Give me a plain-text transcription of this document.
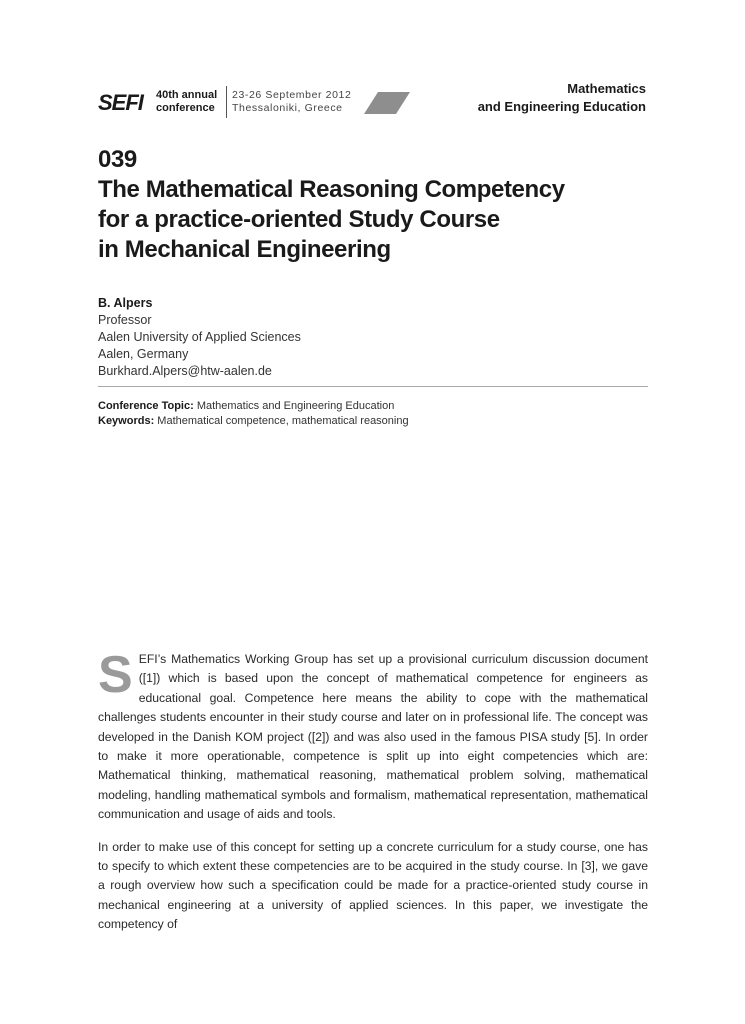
SEFI 40th annual
conference
23-26 September 2012
Thessaloniki, Greece
Mathematics
and Engineering Education
039
The Mathematical Reasoning Competency
for a practice-oriented Study Course
in Mechanical Engineering
B. Alpers
Professor
Aalen University of Applied Sciences
Aalen, Germany
Burkhard.Alpers@htw-aalen.de
Conference Topic: Mathematics and Engineering Education
Keywords: Mathematical competence, mathematical reasoning

SEFI’s Mathematics Working Group has set up a provisional curriculum discussion document ([1]) which is based upon the concept of mathematical competence for engineers as educational goal. Competence here means the ability to cope with the mathematical challenges students encounter in their study course and later on in professional life. The concept was developed in the Danish KOM project ([2]) and was also used in the famous PISA study [5]. In order to make it more operationable, competence is split up into eight competencies which are: Mathematical thinking, mathematical reasoning, mathematical problem solving, mathematical modeling, handling mathematical symbols and formalism, mathematical representation, mathematical communication and usage of aids and tools.

In order to make use of this concept for setting up a concrete curriculum for a study course, one has to specify to which extent these competencies are to be acquired in the study course. In [3], we gave a rough overview how such a specification could be made for a practice-oriented study course in mechanical engineering at a university of applied sciences. In this paper, we investigate the competency of
